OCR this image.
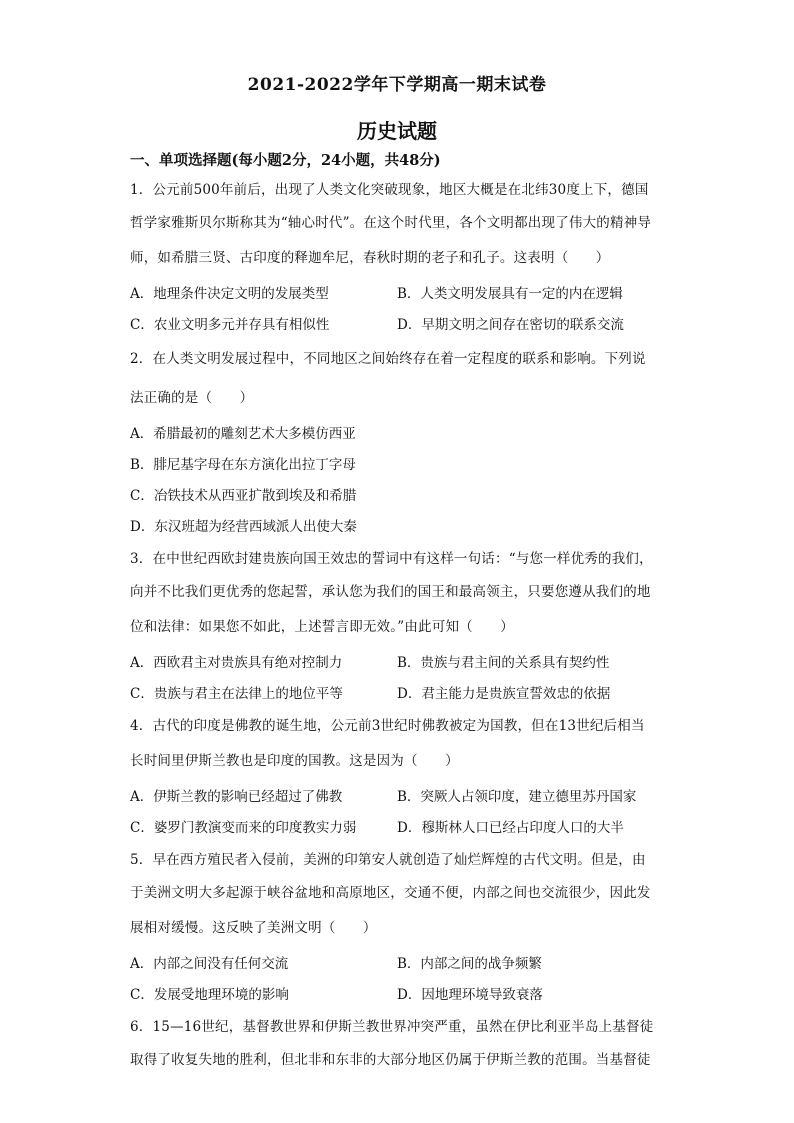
2021-2022学年下学期高一期末试卷
历史试题
一、单项选择题(每小题2分，24小题，共48分)
1．公元前500年前后，出现了人类文化突破现象，地区大概是在北纬30度上下，德国
哲学家雅斯贝尔斯称其为“轴心时代”。在这个时代里，各个文明都出现了伟大的精神导
师，如希腊三贤、古印度的释迦牟尼，春秋时期的老子和孔子。这表明（　　）
A．地理条件决定文明的发展类型	B．人类文明发展具有一定的内在逻辑
C．农业文明多元并存具有相似性	D．早期文明之间存在密切的联系交流
2．在人类文明发展过程中，不同地区之间始终存在着一定程度的联系和影响。下列说
法正确的是（　　）
A．希腊最初的雕刻艺术大多模仿西亚
B．腓尼基字母在东方演化出拉丁字母
C．冶铁技术从西亚扩散到埃及和希腊
D．东汉班超为经营西域派人出使大秦
3．在中世纪西欧封建贵族向国王效忠的誓词中有这样一句话：“与您一样优秀的我们，
向并不比我们更优秀的您起誓，承认您为我们的国王和最高领主，只要您遵从我们的地
位和法律：如果您不如此，上述誓言即无效。”由此可知（　　）
A．西欧君主对贵族具有绝对控制力	B．贵族与君主间的关系具有契约性
C．贵族与君主在法律上的地位平等	D．君主能力是贵族宣誓效忠的依据
4．古代的印度是佛教的诞生地，公元前3世纪时佛教被定为国教，但在13世纪后相当
长时间里伊斯兰教也是印度的国教。这是因为（　　）
A．伊斯兰教的影响已经超过了佛教	B．突厥人占领印度，建立德里苏丹国家
C．婆罗门教演变而来的印度教实力弱	D．穆斯林人口已经占印度人口的大半
5．早在西方殖民者入侵前，美洲的印第安人就创造了灿烂辉煌的古代文明。但是，由
于美洲文明大多起源于峡谷盆地和高原地区，交通不便，内部之间也交流很少，因此发
展相对缓慢。这反映了美洲文明（　　）
A．内部之间没有任何交流	B．内部之间的战争频繁
C．发展受地理环境的影响	D．因地理环境导致衰落
6．15—16世纪，基督教世界和伊斯兰教世界冲突严重，虽然在伊比利亚半岛上基督徒
取得了收复失地的胜利，但北非和东非的大部分地区仍属于伊斯兰教的范围。当基督徒
